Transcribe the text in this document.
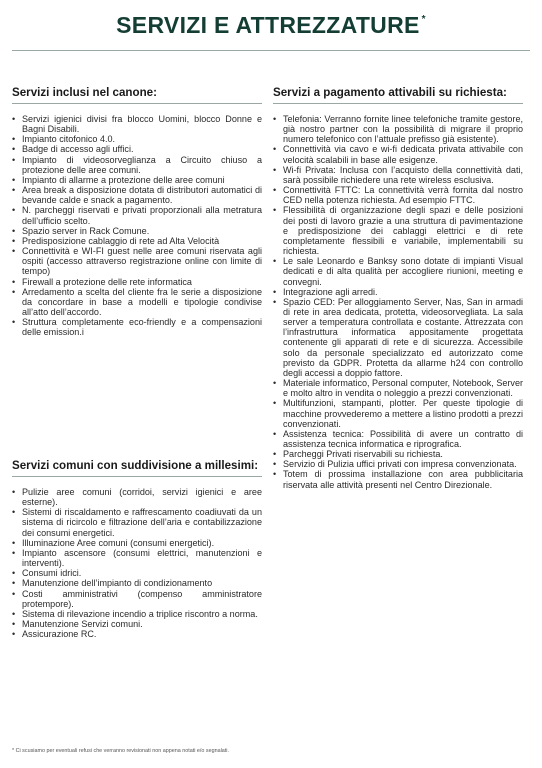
SERVIZI E ATTREZZATURE *
Servizi inclusi nel canone:
• Servizi igienici divisi fra blocco Uomini, blocco Donne e Bagni Disabili.
• Impianto citofonico 4.0.
• Badge di accesso agli uffici.
• Impianto di videosorveglianza a Circuito chiuso a protezione delle aree comuni.
• Impianto di allarme a protezione delle aree comuni
• Area break a disposizione dotata di distributori automatici di bevande calde e snack a pagamento.
• N. parcheggi riservati e privati proporzionali alla metratura dell’ufficio scelto.
• Spazio server in Rack Comune.
• Predisposizione cablaggio di rete ad Alta Velocità
• Connettività e WI-FI guest nelle aree comuni riservata agli ospiti (accesso attraverso registrazione online con limite di tempo)
• Firewall a protezione delle rete informatica
• Arredamento a scelta del cliente fra le serie a disposizione da concordare in base a modelli e tipologie condivise all’atto dell’accordo.
• Struttura completamente eco-friendly e a compensazioni delle emission.i
Servizi comuni con suddivisione a millesimi:
• Pulizie aree comuni (corridoi, servizi igienici e aree esterne).
• Sistemi di riscaldamento e raffrescamento coadiuvati da un sistema di ricircolo e filtrazione dell’aria e contabilizzazione dei consumi energetici.
• Illuminazione Aree comuni (consumi energetici).
• Impianto ascensore (consumi elettrici, manutenzioni e interventi).
• Consumi idrici.
• Manutenzione dell’impianto di condizionamento
• Costi amministrativi (compenso amministratore protempore).
• Sistema di rilevazione incendio a triplice riscontro a norma.
• Manutenzione Servizi comuni.
• Assicurazione RC.
Servizi a pagamento attivabili su richiesta:
• Telefonia: Verranno fornite linee telefoniche tramite gestore, già nostro partner con la possibilità di migrare il proprio numero telefonico con l’attuale prefisso già esistente).
• Connettività via cavo e wi-fi dedicata privata attivabile con velocità scalabili in base alle esigenze.
• Wi-fi Privata: Inclusa con l’acquisto della connettività dati, sarà possibile richiedere una rete wireless esclusiva.
• Connettività FTTC: La connettività verrà fornita dal nostro CED nella potenza richiesta. Ad esempio FTTC.
• Flessibilità di organizzazione degli spazi e delle posizioni dei posti di lavoro grazie a una struttura di pavimentazione e predisposizione dei cablaggi elettrici e di rete completamente flessibili e variabile, implementabili su richiesta.
• Le sale Leonardo e Banksy sono dotate di impianti Visual dedicati e di alta qualità per accogliere riunioni, meeting e convegni.
• Integrazione agli arredi.
• Spazio CED: Per alloggiamento Server, Nas, San in armadi di rete in area dedicata, protetta, videosorvegliata. La sala server a temperatura controllata e costante. Attrezzata con l’infrastruttura informatica appositamente progettata contenente gli apparati di rete e di sicurezza. Accessibile solo da personale specializzato ed autorizzato come previsto da GDPR. Protetta da allarme h24 con controllo degli accessi a doppio fattore.
• Materiale informatico, Personal computer, Notebook, Server e molto altro in vendita o noleggio a prezzi convenzionati.
• Multifunzioni, stampanti, plotter. Per queste tipologie di macchine provvederemo a mettere a listino prodotti a prezzi convenzionati.
• Assistenza tecnica: Possibilità di avere un contratto di assistenza tecnica informatica e riprografica.
• Parcheggi Privati riservabili su richiesta.
• Servizio di Pulizia uffici privati con impresa convenzionata.
• Totem di prossima installazione con area pubblicitaria riservata alle attività presenti nel Centro Direzionale.
* Ci scusiamo per eventuali refusi che verranno revisionati non appena notati e/o segnalati.
